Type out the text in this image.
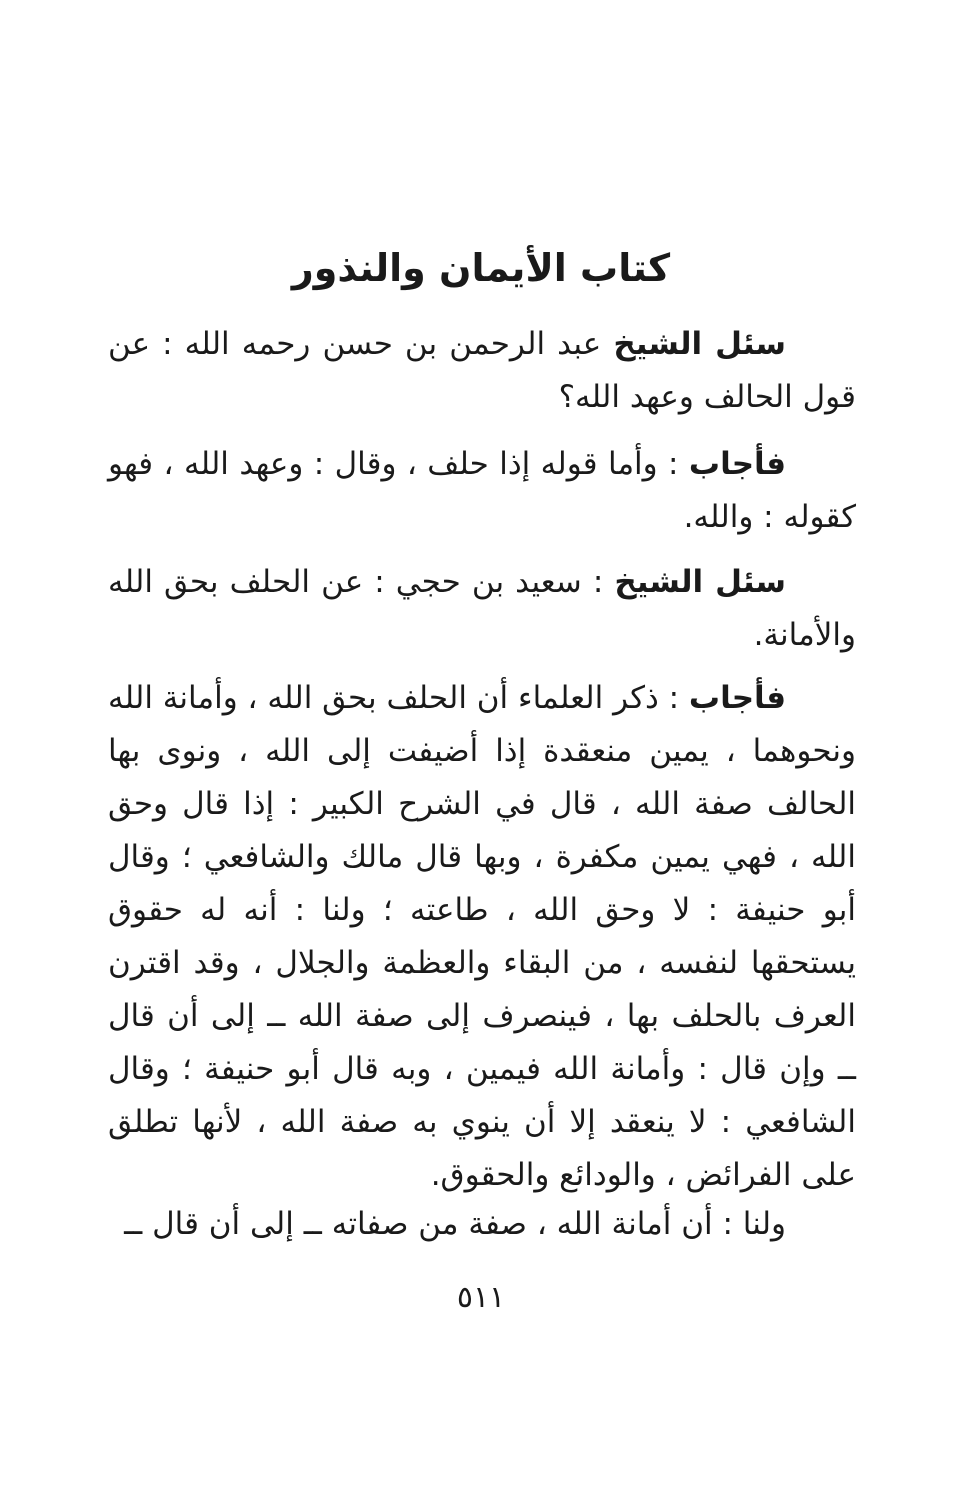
كتاب الأيمان والنذور

سئل الشيخ عبد الرحمن بن حسن رحمه الله : عن قول الحالف وعهد الله؟

فأجاب : وأما قوله إذا حلف ، وقال : وعهد الله ، فهو كقوله : والله.

سئل الشيخ : سعيد بن حجي : عن الحلف بحق الله والأمانة.

فأجاب : ذكر العلماء أن الحلف بحق الله ، وأمانة الله ونحوهما ، يمين منعقدة إذا أضيفت إلى الله ، ونوى بها الحالف صفة الله ، قال في الشرح الكبير : إذا قال وحق الله ، فهي يمين مكفرة ، وبها قال مالك والشافعي ؛ وقال أبو حنيفة : لا وحق الله ، طاعته ؛ ولنا : أنه له حقوق يستحقها لنفسه ، من البقاء والعظمة والجلال ، وقد اقترن العرف بالحلف بها ، فينصرف إلى صفة الله ــ إلى أن قال ــ وإن قال : وأمانة الله فيمين ، وبه قال أبو حنيفة ؛ وقال الشافعي : لا ينعقد إلا أن ينوي به صفة الله ، لأنها تطلق على الفرائض ، والودائع والحقوق.

ولنا : أن أمانة الله ، صفة من صفاته ــ إلى أن قال ــ

٥١١
